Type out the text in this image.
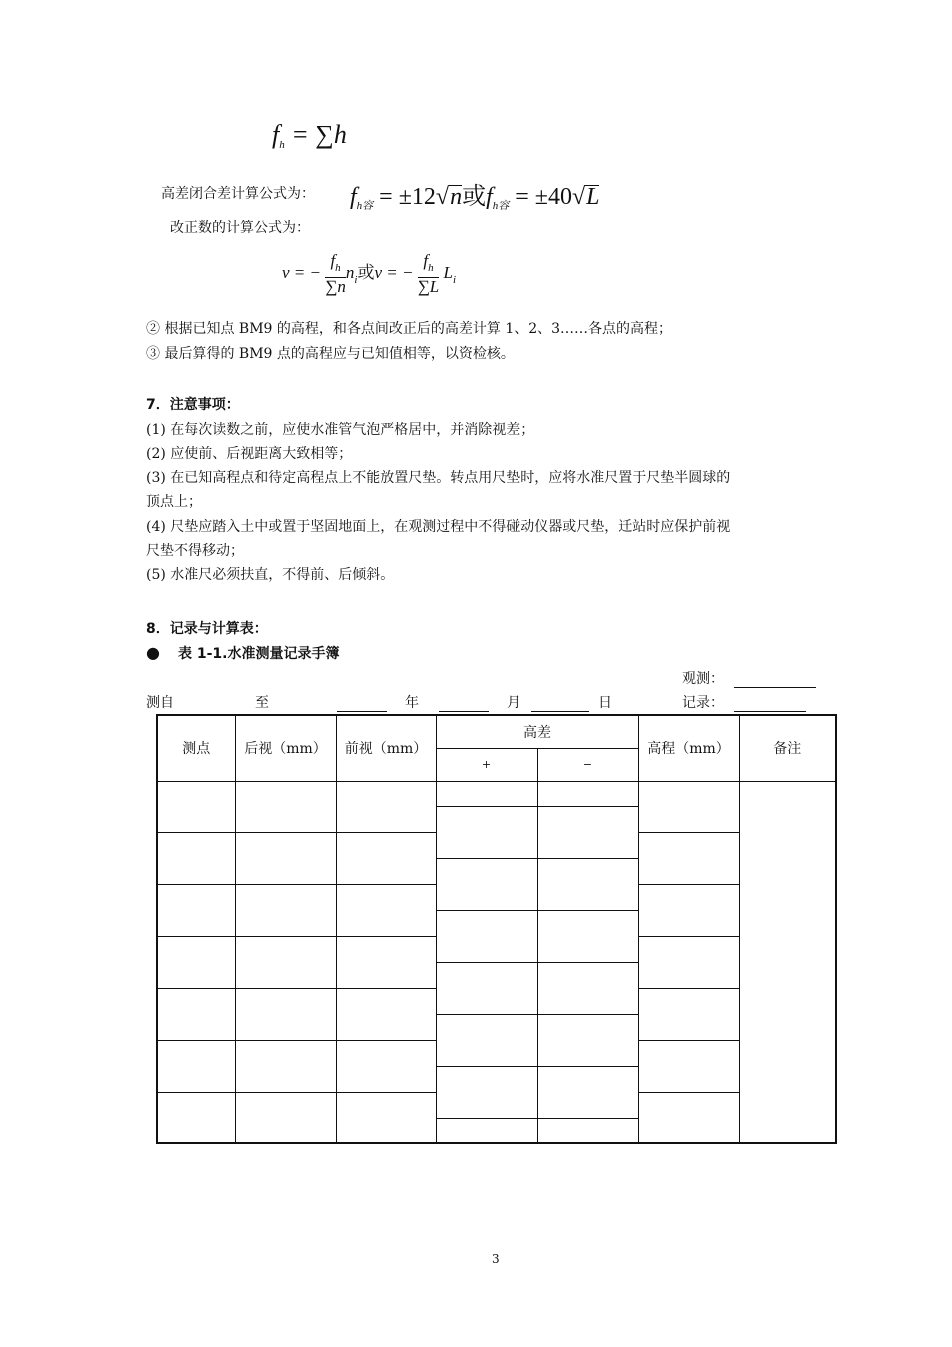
$f_h = \sum h$
高差闭合差计算公式为： $f_{h容} = \pm 12√n$或$f_{h容} = \pm 40√L$
改正数的计算公式为：
v = − $\frac{f_h}{\sum n} n_i$或v = − $\frac{f_h}{\sum L} L_i$
② 根据已知点 BM9 的高程，和各点间改正后的高差计算 1、2、3……各点的高程；
③ 最后算得的 BM9 点的高程应与已知值相等，以资检核。
7．注意事项：
(1) 在每次读数之前，应使水准管气泡严格居中，并消除视差；
(2) 应使前、后视距离大致相等；
(3) 在已知高程点和待定高程点上不能放置尺垫。转点用尺垫时，应将水准尺置于尺垫半圆球的
顶点上；
(4) 尺垫应踏入土中或置于坚固地面上，在观测过程中不得碰动仪器或尺垫，迁站时应保护前视
尺垫不得移动；
(5) 水准尺必须扶直，不得前、后倾斜。
8．记录与计算表：
● 表 1-1.水准测量记录手簿
观测：
记录：
测自	至	年	月	日
测点	后视（mm）	前视（mm）	高差		高程（mm）	备注
			+	−		

3
